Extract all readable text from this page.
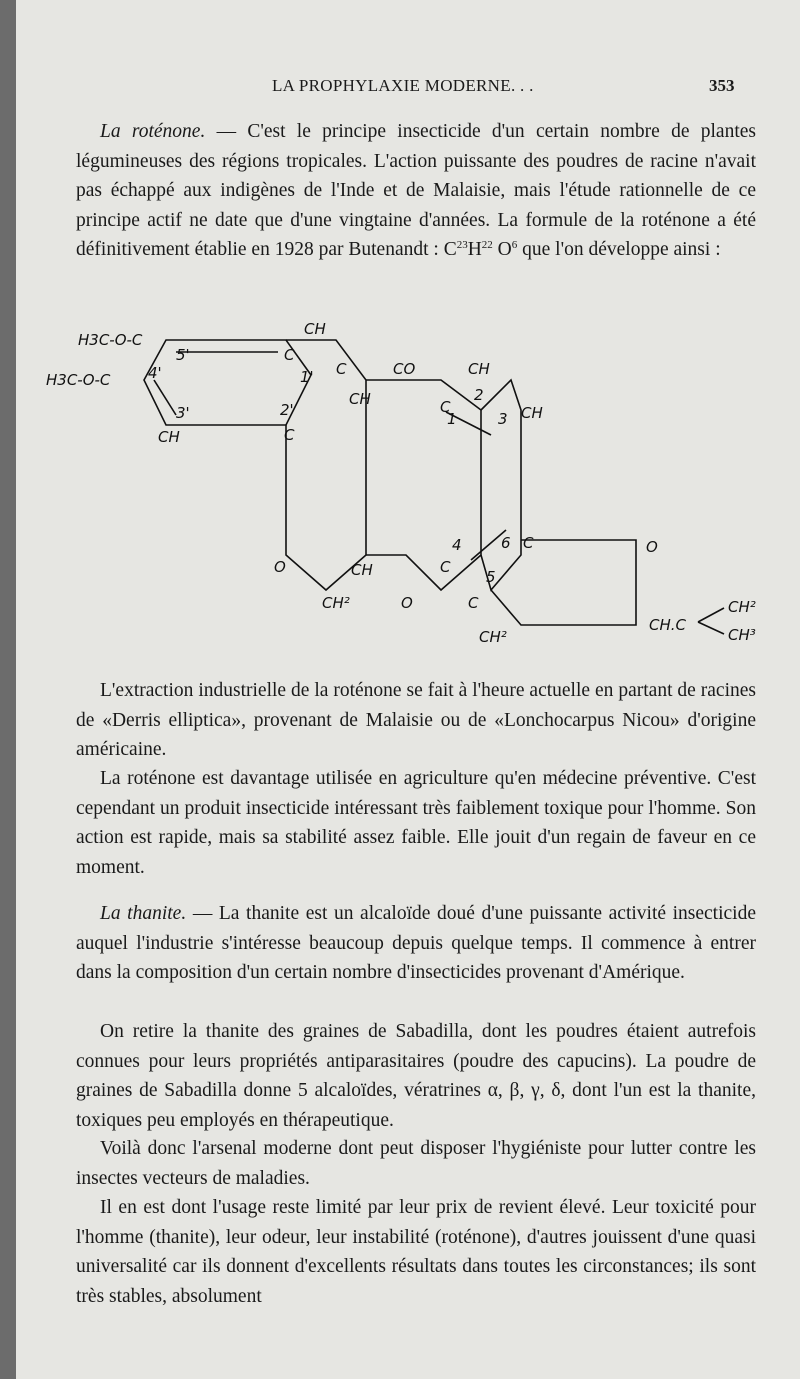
LA PROPHYLAXIE MODERNE. . .	353
La roténone. — C'est le principe insecticide d'un certain nombre de plantes légumineuses des régions tropicales. L'action puissante des poudres de racine n'avait pas échappé aux indigènes de l'Inde et de Malaisie, mais l'étude rationnelle de ce principe actif ne date que d'une vingtaine d'années. La formule de la roténone a été définitivement établie en 1928 par Butenandt : $C^{23}H^{22}$ $O^6$ que l'on développe ainsi :
H3C-O-C
H3C-O-C
CH
5'	C
4'	1'
3'	2'
CH
C
C
CO	CH
CH	C
2
1	3 CH
O	CH
4	6 C	O
C
5
CH²	O	C
CH²
CH.C
CH²
CH³
L'extraction industrielle de la roténone se fait à l'heure actuelle en partant de racines de «Derris elliptica», provenant de Malaisie ou de «Lonchocarpus Nicou» d'origine américaine.
La roténone est davantage utilisée en agriculture qu'en médecine préventive. C'est cependant un produit insecticide intéressant très faiblement toxique pour l'homme. Son action est rapide, mais sa stabilité assez faible. Elle jouit d'un regain de faveur en ce moment.
La thanite. — La thanite est un alcaloïde doué d'une puissante activité insecticide auquel l'industrie s'intéresse beaucoup depuis quelque temps. Il commence à entrer dans la composition d'un certain nombre d'insecticides provenant d'Amérique.
On retire la thanite des graines de Sabadilla, dont les poudres étaient autrefois connues pour leurs propriétés antiparasitaires (poudre des capucins). La poudre de graines de Sabadilla donne 5 alcaloïdes, vératrines α, β, γ, δ, dont l'un est la thanite, toxiques peu employés en thérapeutique.
Voilà donc l'arsenal moderne dont peut disposer l'hygiéniste pour lutter contre les insectes vecteurs de maladies.
Il en est dont l'usage reste limité par leur prix de revient élevé. Leur toxicité pour l'homme (thanite), leur odeur, leur instabilité (roténone), d'autres jouissent d'une quasi universalité car ils donnent d'excellents résultats dans toutes les circonstances; ils sont très stables, absolument
